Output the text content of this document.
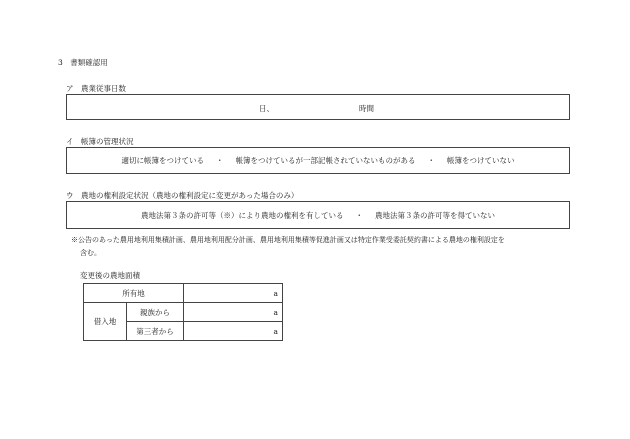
3　書類確認用
ア　農業従事日数
日、	時間
イ　帳簿の管理状況
適切に帳簿をつけている ・ 帳簿をつけているが一部記帳されていないものがある ・ 帳簿をつけていない
ウ　農地の権利設定状況（農地の権利設定に変更があった場合のみ）
農地法第３条の許可等（※）により農地の権利を有している ・ 農地法第３条の許可等を得ていない
※公告のあった農用地利用集積計画、農用地利用配分計画、農用地利用集積等促進計画又は特定作業受委託契約書による農地の権利設定を
含む。
変更後の農地面積
所有地		a
借入地	親族から	a
	第三者から	a
